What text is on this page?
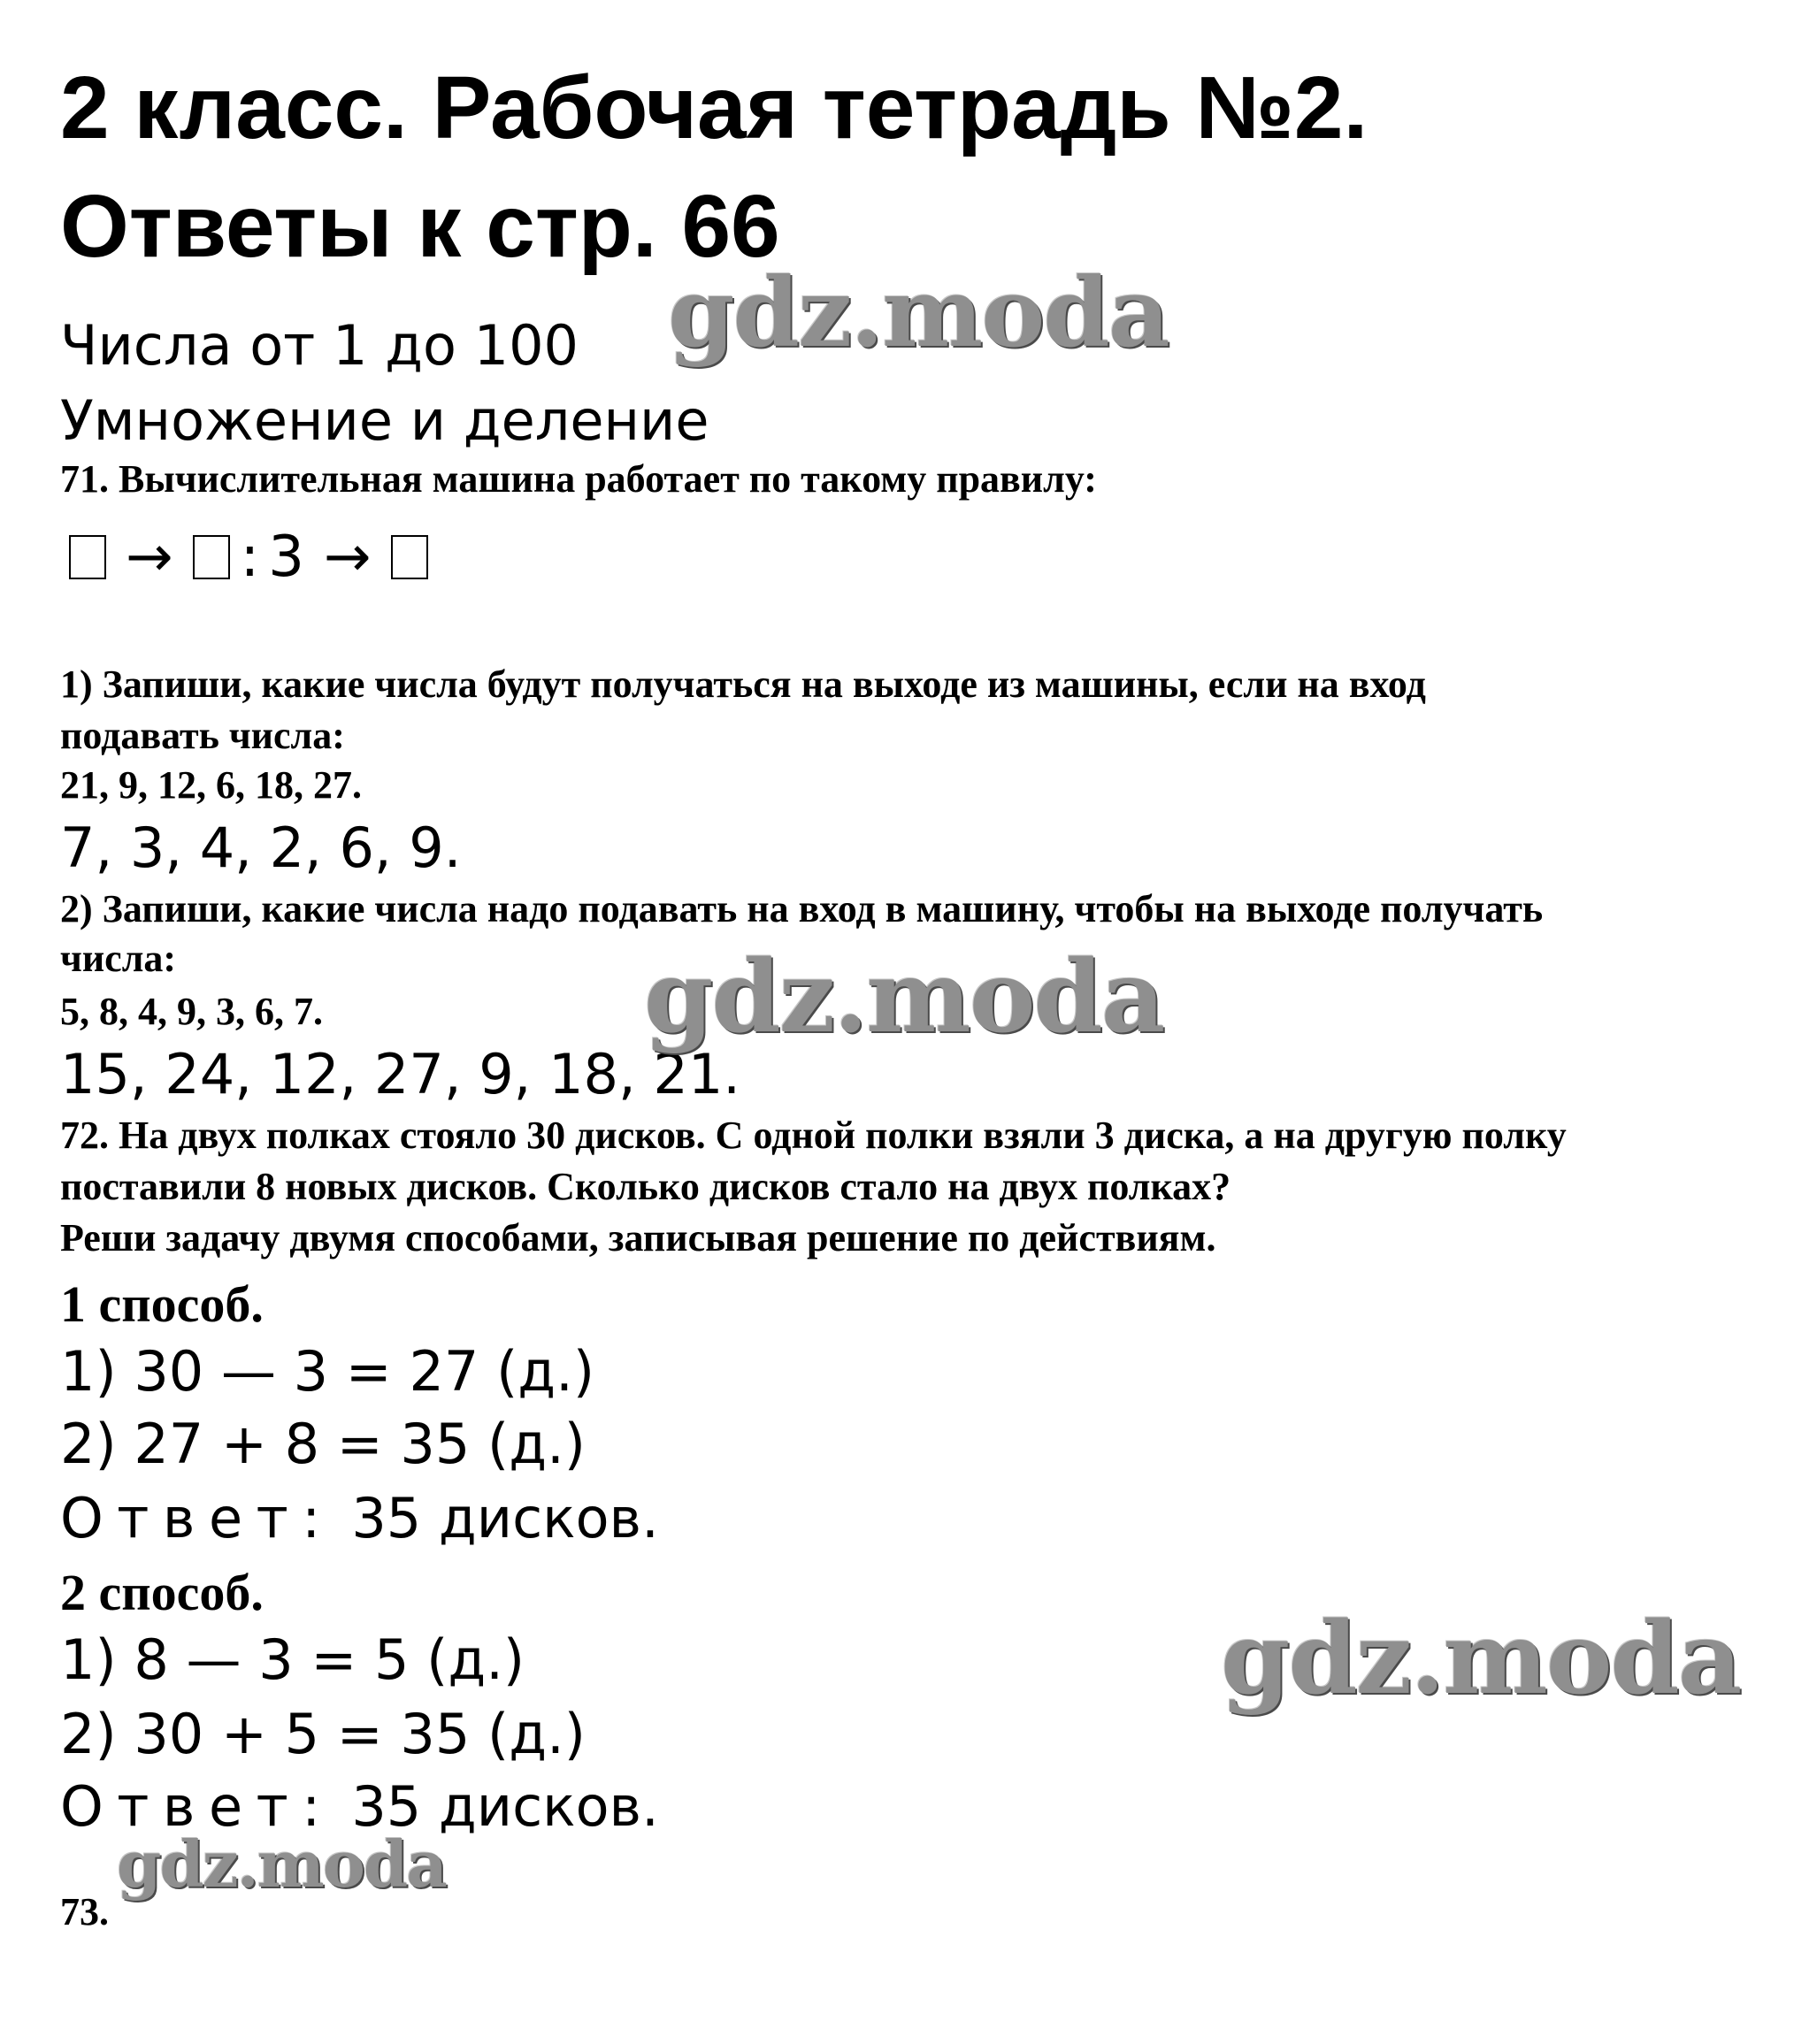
2 класс. Рабочая тетрадь №2.
Ответы к стр. 66
Числа от 1 до 100
Умножение и деление
71. Вычислительная машина работает по такому правилу:
→ : 3 →
1) Запиши, какие числа будут получаться на выходе из машины, если на вход
подавать числа:
21, 9, 12, 6, 18, 27.
7, 3, 4, 2, 6, 9.
2) Запиши, какие числа надо подавать на вход в машину, чтобы на выходе получать
числа:
5, 8, 4, 9, 3, 6, 7.
15, 24, 12, 27, 9, 18, 21.
72. На двух полках стояло 30 дисков. С одной полки взяли 3 диска, а на другую полку
поставили 8 новых дисков. Сколько дисков стало на двух полках?
Реши задачу двумя способами, записывая решение по действиям.
1 способ.
1) 30 — 3 = 27 (д.)
2) 27 + 8 = 35 (д.)
Ответ: 35 дисков.
2 способ.
1) 8 — 3 = 5 (д.)
2) 30 + 5 = 35 (д.)
Ответ: 35 дисков.
73.
gdz.moda
gdz.moda
gdz.moda
gdz.moda
